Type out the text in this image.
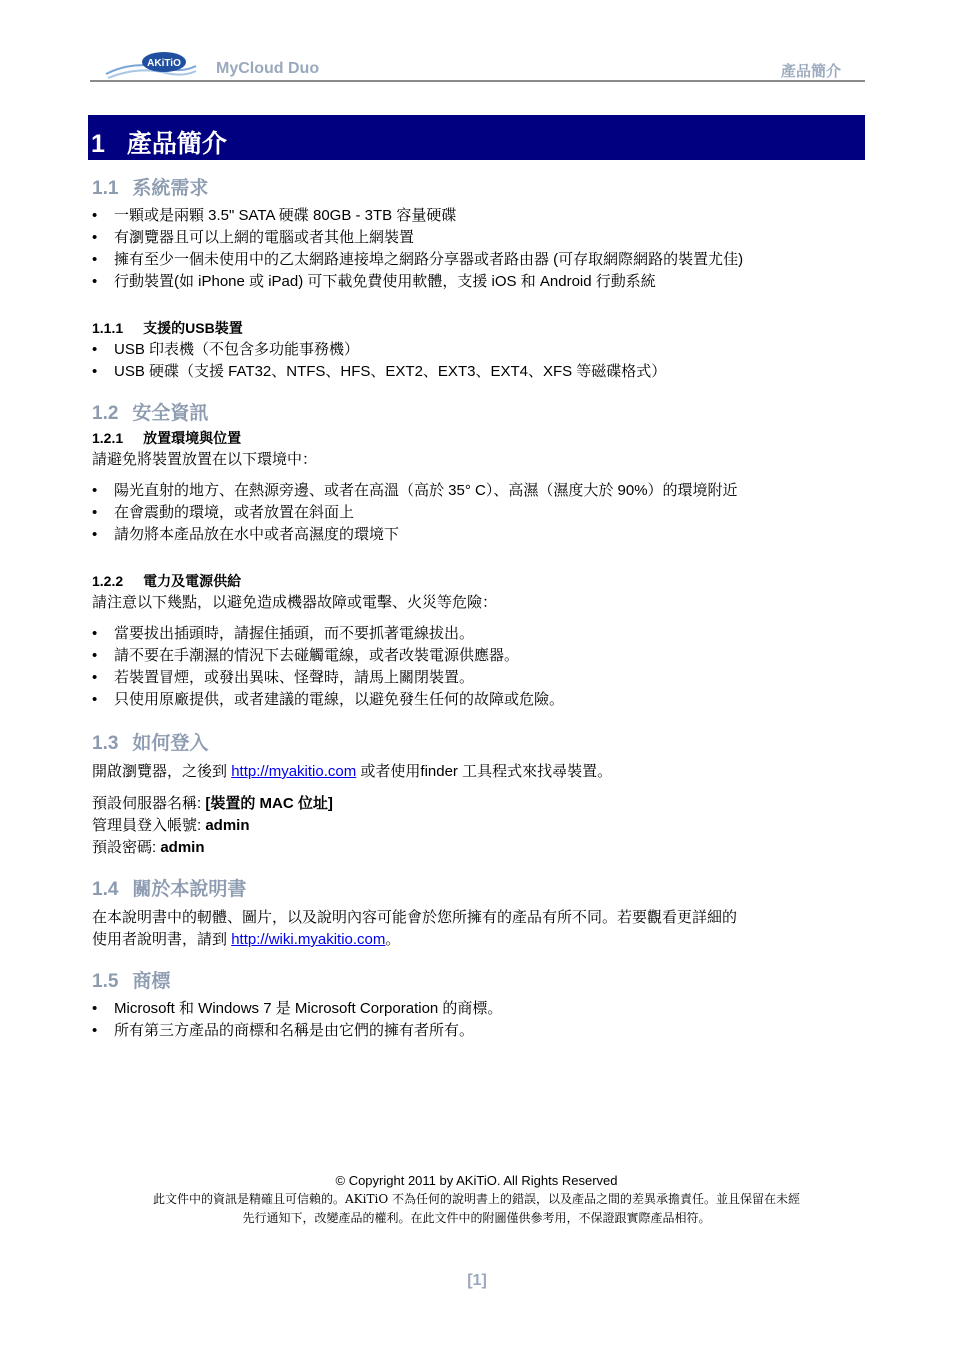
AKiTiO MyCloud Duo	產品簡介
1 產品簡介
1.1 系統需求
• 一顆或是兩顆 3.5" SATA 硬碟 80GB - 3TB 容量硬碟
• 有瀏覽器且可以上網的電腦或者其他上網裝置
• 擁有至少一個未使用中的乙太網路連接埠之網路分享器或者路由器 (可存取網際網路的裝置尤佳)
• 行動裝置(如 iPhone 或 iPad) 可下載免費使用軟體，支援 iOS 和 Android 行動系統
1.1.1 支援的USB裝置
• USB 印表機（不包含多功能事務機）
• USB 硬碟（支援 FAT32、NTFS、HFS、EXT2、EXT3、EXT4、XFS 等磁碟格式）
1.2 安全資訊
1.2.1 放置環境與位置

請避免將裝置放置在以下環境中：

• 陽光直射的地方、在熱源旁邊、或者在高溫（高於 35° C）、高濕（濕度大於 90%）的環境附近
• 在會震動的環境，或者放置在斜面上
• 請勿將本產品放在水中或者高濕度的環境下
1.2.2 電力及電源供給

請注意以下幾點，以避免造成機器故障或電擊、火災等危險：

• 當要拔出插頭時，請握住插頭，而不要抓著電線拔出。
• 請不要在手潮濕的情況下去碰觸電線，或者改裝電源供應器。
• 若裝置冒煙，或發出異味、怪聲時，請馬上關閉裝置。
• 只使用原廠提供，或者建議的電線，以避免發生任何的故障或危險。
1.3 如何登入

開啟瀏覽器，之後到 http://myakitio.com 或者使用finder 工具程式來找尋裝置。

預設伺服器名稱: [裝置的 MAC 位址]

管理員登入帳號: admin

預設密碼: admin

1.4 關於本說明書

在本說明書中的軔體、圖片，以及說明內容可能會於您所擁有的產品有所不同。若要觀看更詳細的
使用者說明書，請到 http://wiki.myakitio.com。

1.5 商標
• Microsoft 和 Windows 7 是 Microsoft Corporation 的商標。
• 所有第三方產品的商標和名稱是由它們的擁有者所有。
© Copyright 2011 by AKiTiO. All Rights Reserved
此文件中的資訊是精確且可信賴的。AKiTiO 不為任何的說明書上的錯誤，以及產品之間的差異承擔責任。並且保留在未經
先行通知下，改變產品的權利。在此文件中的附圖僅供參考用，不保證跟實際產品相符。
[1]
